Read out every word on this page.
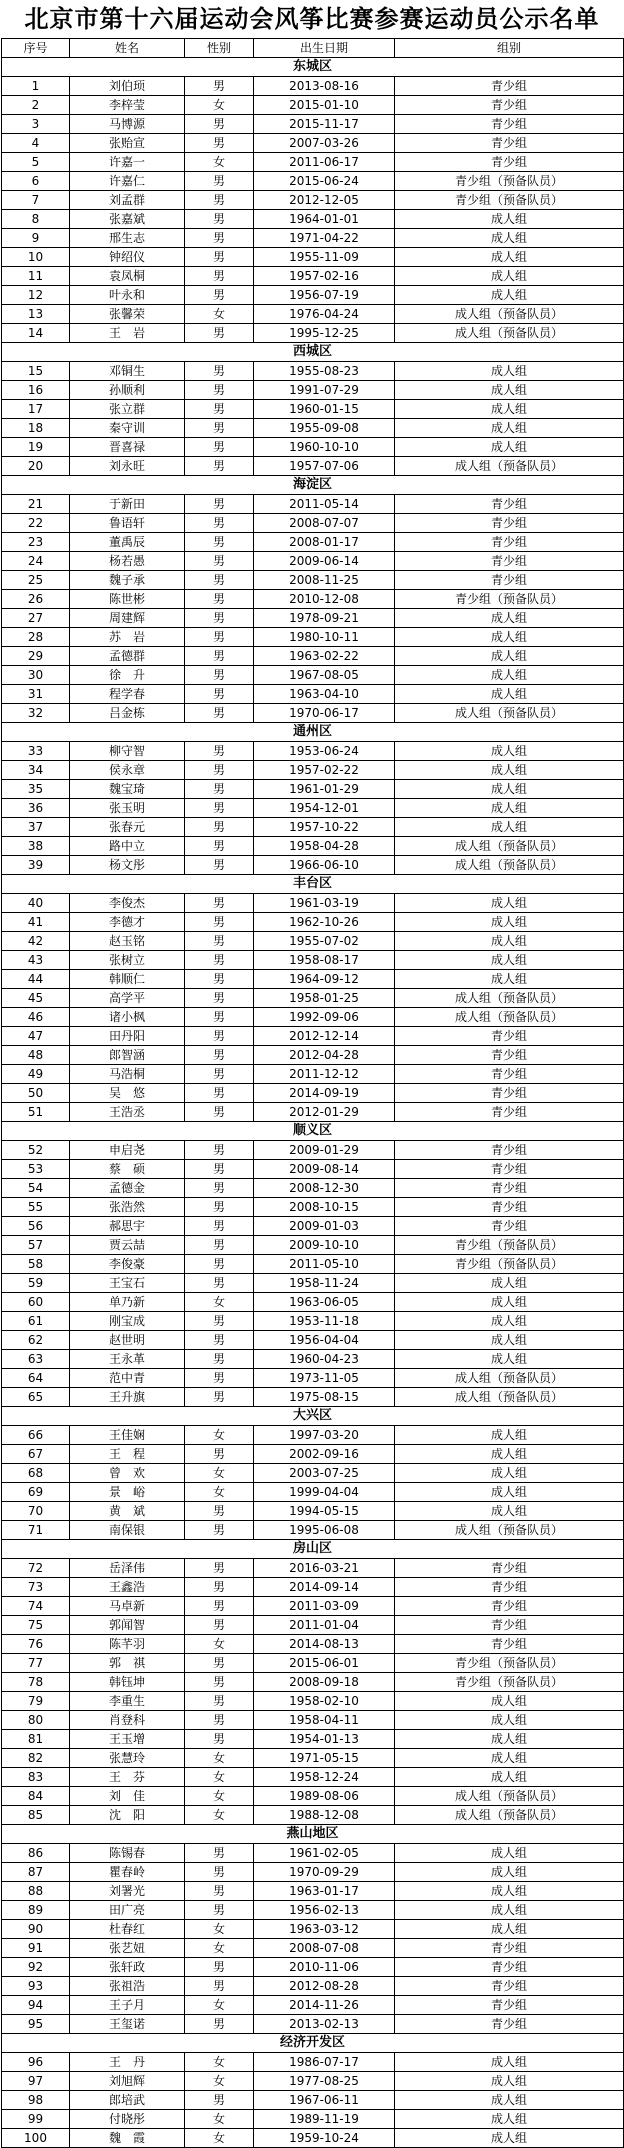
北京市第十六届运动会风筝比赛参赛运动员公示名单
序号	姓名	性别	出生日期	组别
东城区				
1	刘伯顼	男	2013-08-16	青少组
2	李梓莹	女	2015-01-10	青少组
3	马博源	男	2015-11-17	青少组
4	张贻宣	男	2007-03-26	青少组
5	许嘉一	女	2011-06-17	青少组
6	许嘉仁	男	2015-06-24	青少组（预备队员）
7	刘孟群	男	2012-12-05	青少组（预备队员）
8	张嘉斌	男	1964-01-01	成人组
9	邢生志	男	1971-04-22	成人组
10	钟绍仪	男	1955-11-09	成人组
11	袁凤桐	男	1957-02-16	成人组
12	叶永和	男	1956-07-19	成人组
13	张馨荣	女	1976-04-24	成人组（预备队员）
14	王　岩	男	1995-12-25	成人组（预备队员）
西城区				
15	邓铜生	男	1955-08-23	成人组
16	孙顺利	男	1991-07-29	成人组
17	张立群	男	1960-01-15	成人组
18	秦守训	男	1955-09-08	成人组
19	晋喜禄	男	1960-10-10	成人组
20	刘永旺	男	1957-07-06	成人组（预备队员）
海淀区				
21	于新田	男	2011-05-14	青少组
22	鲁语轩	男	2008-07-07	青少组
23	董禹辰	男	2008-01-17	青少组
24	杨若愚	男	2009-06-14	青少组
25	魏子承	男	2008-11-25	青少组
26	陈世彬	男	2010-12-08	青少组（预备队员）
27	周建辉	男	1978-09-21	成人组
28	苏　岩	男	1980-10-11	成人组
29	孟德群	男	1963-02-22	成人组
30	徐　升	男	1967-08-05	成人组
31	程学春	男	1963-04-10	成人组
32	吕金栋	男	1970-06-17	成人组（预备队员）
通州区				
33	柳守智	男	1953-06-24	成人组
34	侯永章	男	1957-02-22	成人组
35	魏宝琦	男	1961-01-29	成人组
36	张玉明	男	1954-12-01	成人组
37	张春元	男	1957-10-22	成人组
38	路中立	男	1958-04-28	成人组（预备队员）
39	杨文彤	男	1966-06-10	成人组（预备队员）
丰台区				
40	李俊杰	男	1961-03-19	成人组
41	李德才	男	1962-10-26	成人组
42	赵玉铭	男	1955-07-02	成人组
43	张树立	男	1958-08-17	成人组
44	韩顺仁	男	1964-09-12	成人组
45	高学平	男	1958-01-25	成人组（预备队员）
46	诸小枫	男	1992-09-06	成人组（预备队员）
47	田丹阳	男	2012-12-14	青少组
48	郎智涵	男	2012-04-28	青少组
49	马浩桐	男	2011-12-12	青少组
50	吴　悠	男	2014-09-19	青少组
51	王浩丞	男	2012-01-29	青少组
顺义区				
52	申启尧	男	2009-01-29	青少组
53	蔡　硕	男	2009-08-14	青少组
54	孟德金	男	2008-12-30	青少组
55	张浩然	男	2008-10-15	青少组
56	郝思宇	男	2009-01-03	青少组
57	贾云喆	男	2009-10-10	青少组（预备队员）
58	李俊豪	男	2011-05-10	青少组（预备队员）
59	王宝石	男	1958-11-24	成人组
60	单乃新	女	1963-06-05	成人组
61	刚宝成	男	1953-11-18	成人组
62	赵世明	男	1956-04-04	成人组
63	王永革	男	1960-04-23	成人组
64	范中青	男	1973-11-05	成人组（预备队员）
65	王升旗	男	1975-08-15	成人组（预备队员）
大兴区				
66	王佳娴	女	1997-03-20	成人组
67	王　程	男	2002-09-16	成人组
68	曾　欢	女	2003-07-25	成人组
69	景　峪	女	1999-04-04	成人组
70	黄　斌	男	1994-05-15	成人组
71	南保银	男	1995-06-08	成人组（预备队员）
房山区				
72	岳泽伟	男	2016-03-21	青少组
73	王鑫浩	男	2014-09-14	青少组
74	马卓新	男	2011-03-09	青少组
75	郭闻智	男	2011-01-04	青少组
76	陈芊羽	女	2014-08-13	青少组
77	郭　祺	男	2015-06-01	青少组（预备队员）
78	韩钰坤	男	2008-09-18	青少组（预备队员）
79	李重生	男	1958-02-10	成人组
80	肖登科	男	1958-04-11	成人组
81	王玉增	男	1954-01-13	成人组
82	张慧玲	女	1971-05-15	成人组
83	王　芬	女	1958-12-24	成人组
84	刘　佳	女	1989-08-06	成人组（预备队员）
85	沈　阳	女	1988-12-08	成人组（预备队员）
燕山地区				
86	陈锡春	男	1961-02-05	成人组
87	瞿春岭	男	1970-09-29	成人组
88	刘署光	男	1963-01-17	成人组
89	田广亮	男	1956-02-13	成人组
90	杜春红	女	1963-03-12	成人组
91	张艺妞	女	2008-07-08	青少组
92	张轩政	男	2010-11-06	青少组
93	张祖浩	男	2012-08-28	青少组
94	王子月	女	2014-11-26	青少组
95	王玺诺	男	2013-02-13	青少组
经济开发区				
96	王　丹	女	1986-07-17	成人组
97	刘旭辉	女	1977-08-25	成人组
98	郎培武	男	1967-06-11	成人组
99	付晓彤	女	1989-11-19	成人组
100	魏　霞	女	1959-10-24	成人组
